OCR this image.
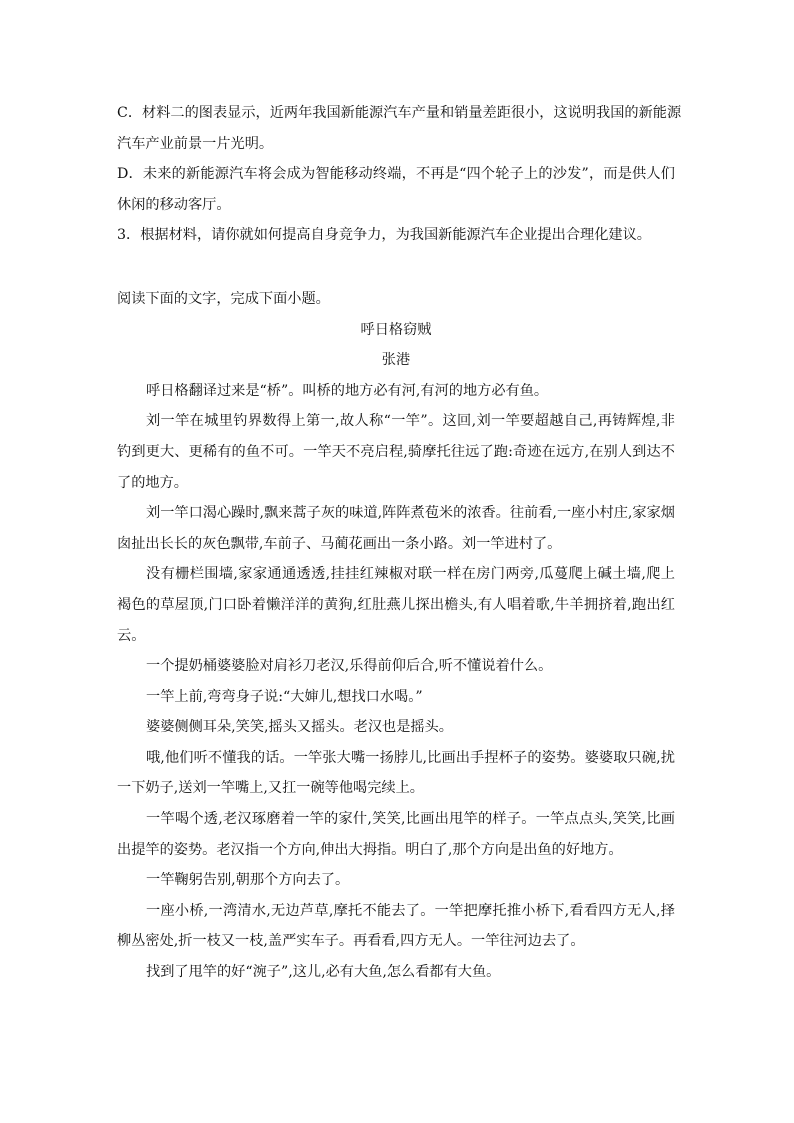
C．材料二的图表显示，近两年我国新能源汽车产量和销量差距很小，这说明我国的新能源

汽车产业前景一片光明。

D．未来的新能源汽车将会成为智能移动终端，不再是“四个轮子上的沙发”，而是供人们

休闲的移动客厅。

3．根据材料，请你就如何提高自身竞争力，为我国新能源汽车企业提出合理化建议。

阅读下面的文字，完成下面小题。

呼日格窃贼

张港

呼日格翻译过来是“桥”。叫桥的地方必有河,有河的地方必有鱼。

刘一竿在城里钓界数得上第一,故人称“一竿”。这回,刘一竿要超越自己,再铸辉煌,非

钓到更大、更稀有的鱼不可。一竿天不亮启程,骑摩托往远了跑:奇迹在远方,在别人到达不

了的地方。

刘一竿口渴心躁时,飘来蒿子灰的味道,阵阵煮苞米的浓香。往前看,一座小村庄,家家烟

囱扯出长长的灰色飘带,车前子、马蔺花画出一条小路。刘一竿进村了。

没有栅栏围墙,家家通通透透,挂挂红辣椒对联一样在房门两旁,瓜蔓爬上碱土墙,爬上

褐色的草屋顶,门口卧着懒洋洋的黄狗,红肚燕儿探出檐头,有人唱着歌,牛羊拥挤着,跑出红

云。

一个提奶桶婆婆脸对肩衫刀老汉,乐得前仰后合,听不懂说着什么。

一竿上前,弯弯身子说:“大婶儿,想找口水喝。”

婆婆侧侧耳朵,笑笑,摇头又摇头。老汉也是摇头。

哦,他们听不懂我的话。一竿张大嘴一扬脖儿,比画出手捏杯子的姿势。婆婆取只碗,扰

一下奶子,送刘一竿嘴上,又扛一碗等他喝完续上。

一竿喝个透,老汉琢磨着一竿的家什,笑笑,比画出甩竿的样子。一竿点点头,笑笑,比画

出提竿的姿势。老汉指一个方向,伸出大拇指。明白了,那个方向是出鱼的好地方。

一竿鞠躬告别,朝那个方向去了。

一座小桥,一湾清水,无边芦草,摩托不能去了。一竿把摩托推小桥下,看看四方无人,择

柳丛密处,折一枝又一枝,盖严实车子。再看看,四方无人。一竿往河边去了。

找到了甩竿的好“涴子”,这儿,必有大鱼,怎么看都有大鱼。
